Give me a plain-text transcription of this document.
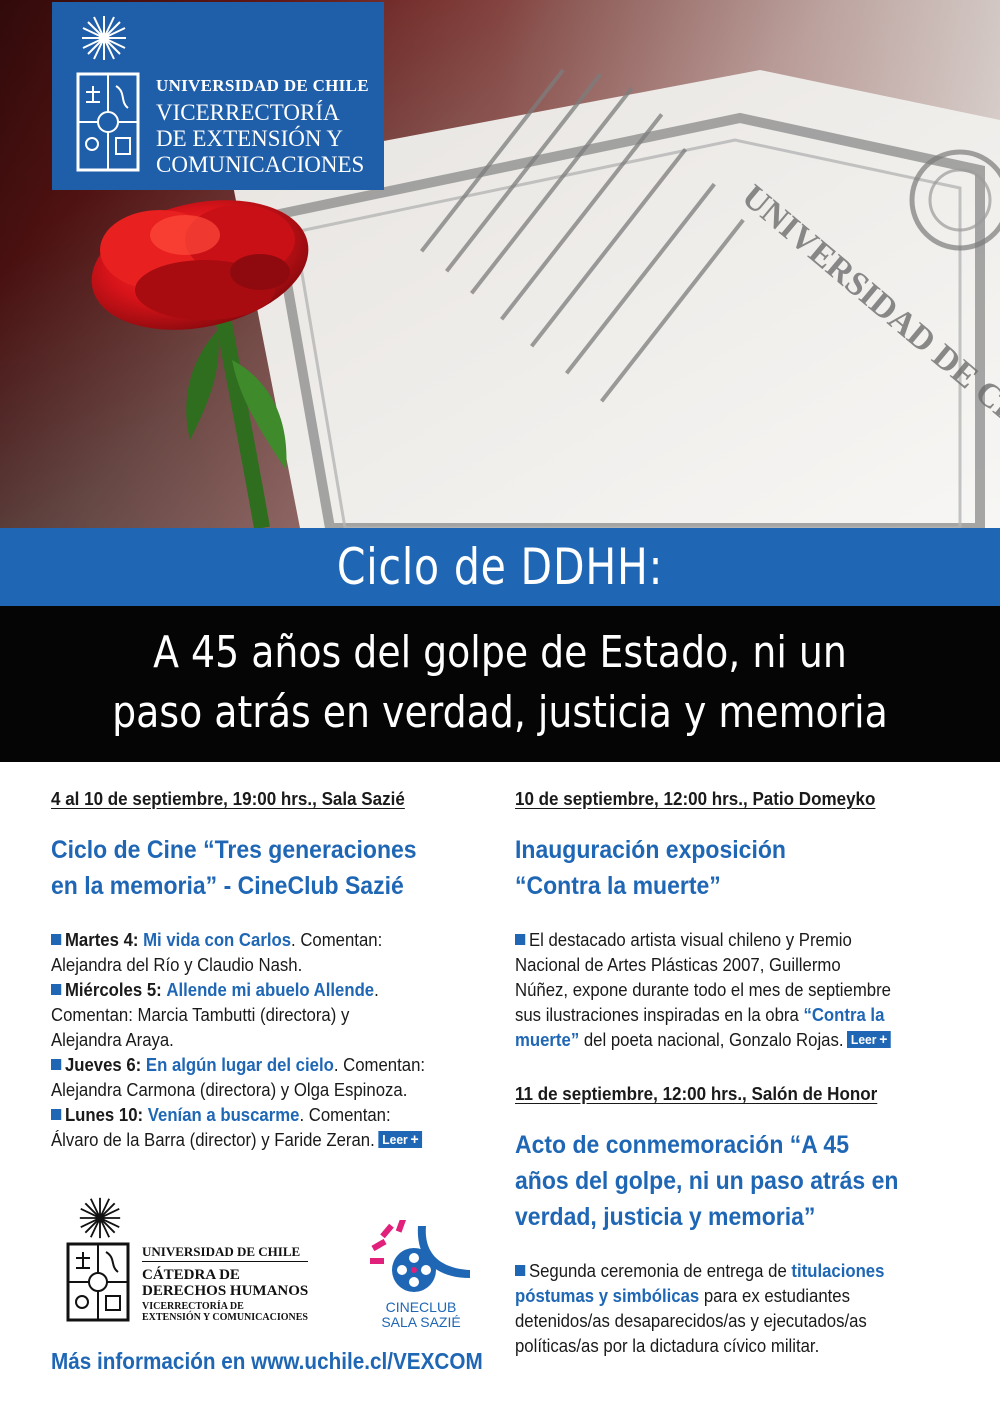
UNIVERSIDAD DE CHILE
VICERRECTORÍA
DE EXTENSIÓN Y
COMUNICACIONES
Ciclo de DDHH:
A 45 años del golpe de Estado, ni un
paso atrás en verdad, justicia y memoria
4 al 10 de septiembre, 19:00 hrs., Sala Sazié
Ciclo de Cine “Tres generaciones
en la memoria” - CineClub Sazié
Martes 4: Mi vida con Carlos. Comentan:
Alejandra del Río y Claudio Nash.
Miércoles 5: Allende mi abuelo Allende.
Comentan: Marcia Tambutti (directora) y
Alejandra Araya.
Jueves 6: En algún lugar del cielo. Comentan:
Alejandra Carmona (directora) y Olga Espinoza.
Lunes 10: Venían a buscarme. Comentan:
Álvaro de la Barra (director) y Faride Zeran. Leer +
10 de septiembre, 12:00 hrs., Patio Domeyko
Inauguración exposición
“Contra la muerte”
El destacado artista visual chileno y Premio
Nacional de Artes Plásticas 2007, Guillermo
Núñez, expone durante todo el mes de septiembre
sus ilustraciones inspiradas en la obra “Contra la
muerte” del poeta nacional, Gonzalo Rojas. Leer +
11 de septiembre, 12:00 hrs., Salón de Honor
Acto de conmemoración “A 45
años del golpe, ni un paso atrás en
verdad, justicia y memoria”
Segunda ceremonia de entrega de titulaciones
póstumas y simbólicas para ex estudiantes
detenidos/as desaparecidos/as y ejecutados/as
políticas/as por la dictadura cívico militar.
UNIVERSIDAD DE CHILE
CÁTEDRA DE
DERECHOS HUMANOS
VICERRECTORÍA DE
EXTENSIÓN Y COMUNICACIONES
CINECLUB
SALA SAZIÉ
Más información en www.uchile.cl/VEXCOM
